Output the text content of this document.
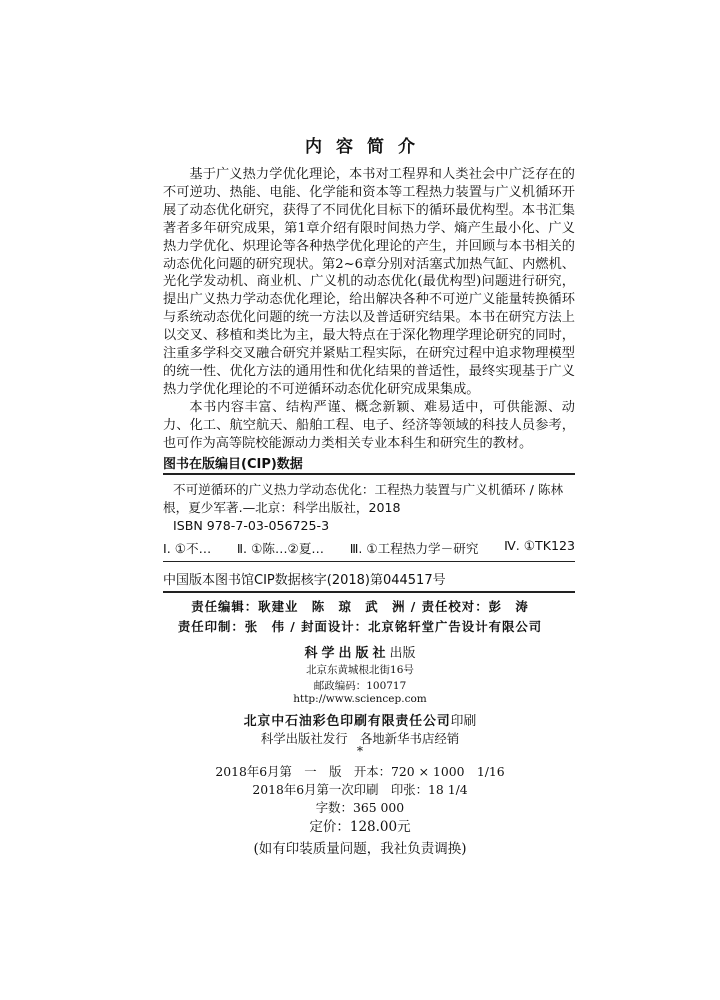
内容简介

基于广义热力学优化理论，本书对工程界和人类社会中广泛存在的不可逆功、热能、电能、化学能和资本等工程热力装置与广义机循环开展了动态优化研究，获得了不同优化目标下的循环最优构型。本书汇集著者多年研究成果，第1章介绍有限时间热力学、熵产生最小化、广义热力学优化、炽理论等各种热学优化理论的产生，并回顾与本书相关的动态优化问题的研究现状。第2~6章分别对活塞式加热气缸、内燃机、光化学发动机、商业机、广义机的动态优化(最优构型)问题进行研究，提出广义热力学动态优化理论，给出解决各种不可逆广义能量转换循环与系统动态优化问题的统一方法以及普适研究结果。本书在研究方法上以交叉、移植和类比为主，最大特点在于深化物理学理论研究的同时，注重多学科交叉融合研究并紧贴工程实际，在研究过程中追求物理模型的统一性、优化方法的通用性和优化结果的普适性，最终实现基于广义热力学优化理论的不可逆循环动态优化研究成果集成。

本书内容丰富、结构严谨、概念新颖、难易适中，可供能源、动力、化工、航空航天、船舶工程、电子、经济等领域的科技人员参考，也可作为高等院校能源动力类相关专业本科生和研究生的教材。

图书在版编目(CIP)数据
不可逆循环的广义热力学动态优化：工程热力装置与广义机循环 / 陈林
根，夏少军著.—北京：科学出版社，2018
ISBN 978-7-03-056725-3
Ⅰ. ①不… Ⅱ. ①陈…②夏… Ⅲ. ①工程热力学－研究 Ⅳ. ①TK123
中国版本图书馆CIP数据核字(2018)第044517号
责任编辑：耿建业　陈　琼　武　洲 / 责任校对：彭　涛
责任印制：张　伟 / 封面设计：北京铭轩堂广告设计有限公司
科学出版社出版
北京东黄城根北街16号
邮政编码：100717
http://www.sciencep.com
北京中石油彩色印刷有限责任公司印刷
科学出版社发行　各地新华书店经销
*
2018年6月第　一　版　开本：720 × 1000　1/16
2018年6月第一次印刷　印张：18 1/4
字数：365 000
定价：128.00元
(如有印装质量问题，我社负责调换)
